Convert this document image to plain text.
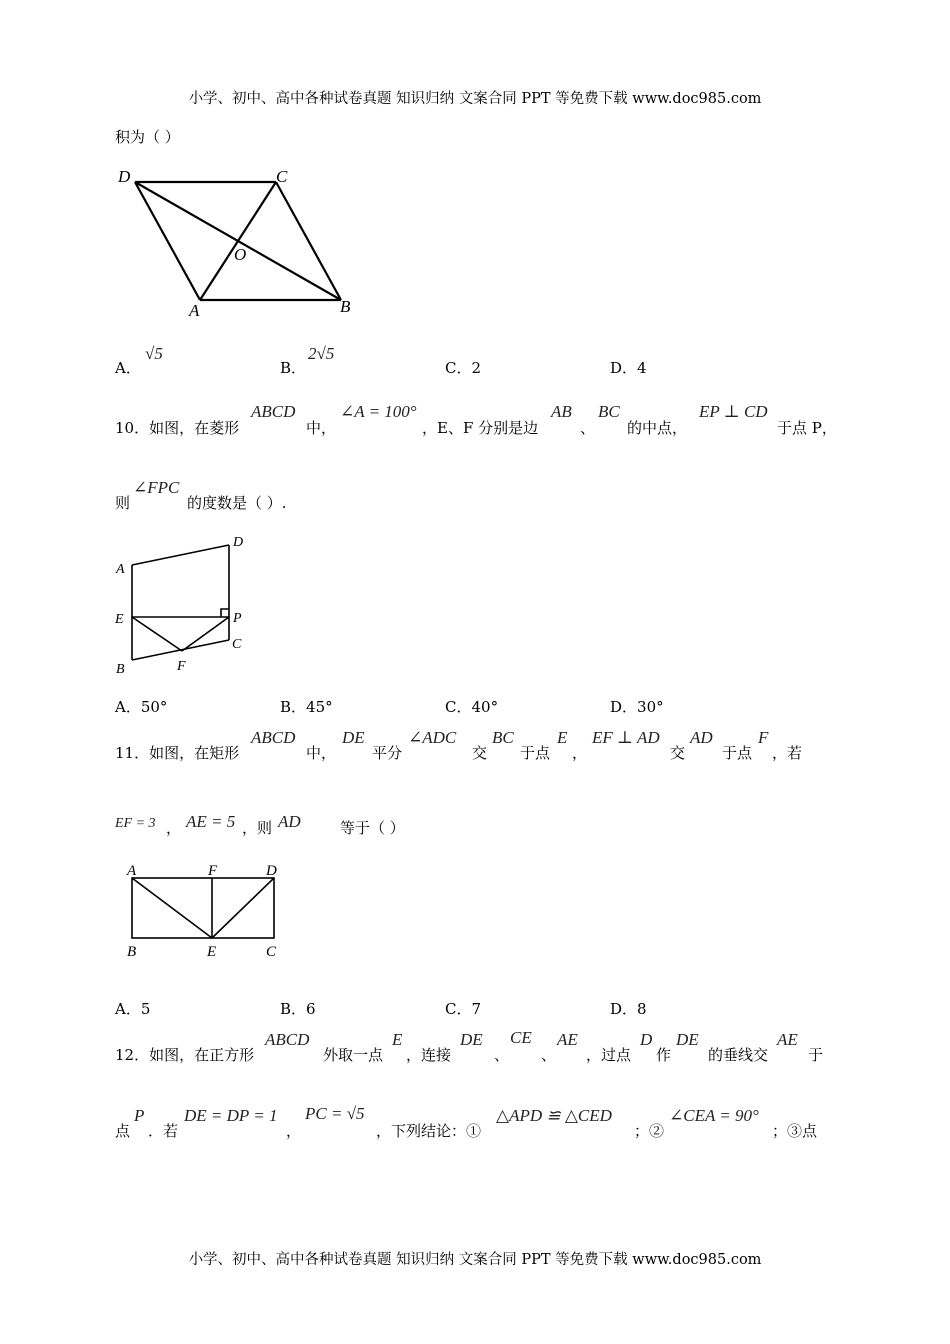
小学、初中、高中各种试卷真题 知识归纳 文案合同 PPT 等免费下载 www.doc985.com
积为（ ）
D	C
O
A	B
A．
√5
B．
2√5
C．2	D．4
10．如图，在菱形
ABCD
中，
∠A = 100°
，E、F 分别是边
AB
、
BC
的中点，
EP ⊥ CD
于点 P，
则
∠FPC
的度数是（ ）.
A
D
E	P
C
B	F
A．50°	B．45°	C．40°	D．30°
11．如图，在矩形
ABCD
中，
DE
平分
∠ADC
交
BC
于点
E
，
EF ⊥ AD
交
AD
于点
F
，若
EF = 3 ， AE = 5 ，则 AD	等于（ ）
A	F	D
B	E	C
A．5	B．6	C．7	D．8
12．如图，在正方形
ABCD
外取一点
E
，连接
DE
、
CE
、
AE
，过点
D
作
DE
的垂线交
AE
于
点
P
．若
DE = DP = 1
，
PC = √5
，下列结论：①
△APD ≌ △CED
；②
∠CEA = 90°
；③点
小学、初中、高中各种试卷真题 知识归纳 文案合同 PPT 等免费下载 www.doc985.com
